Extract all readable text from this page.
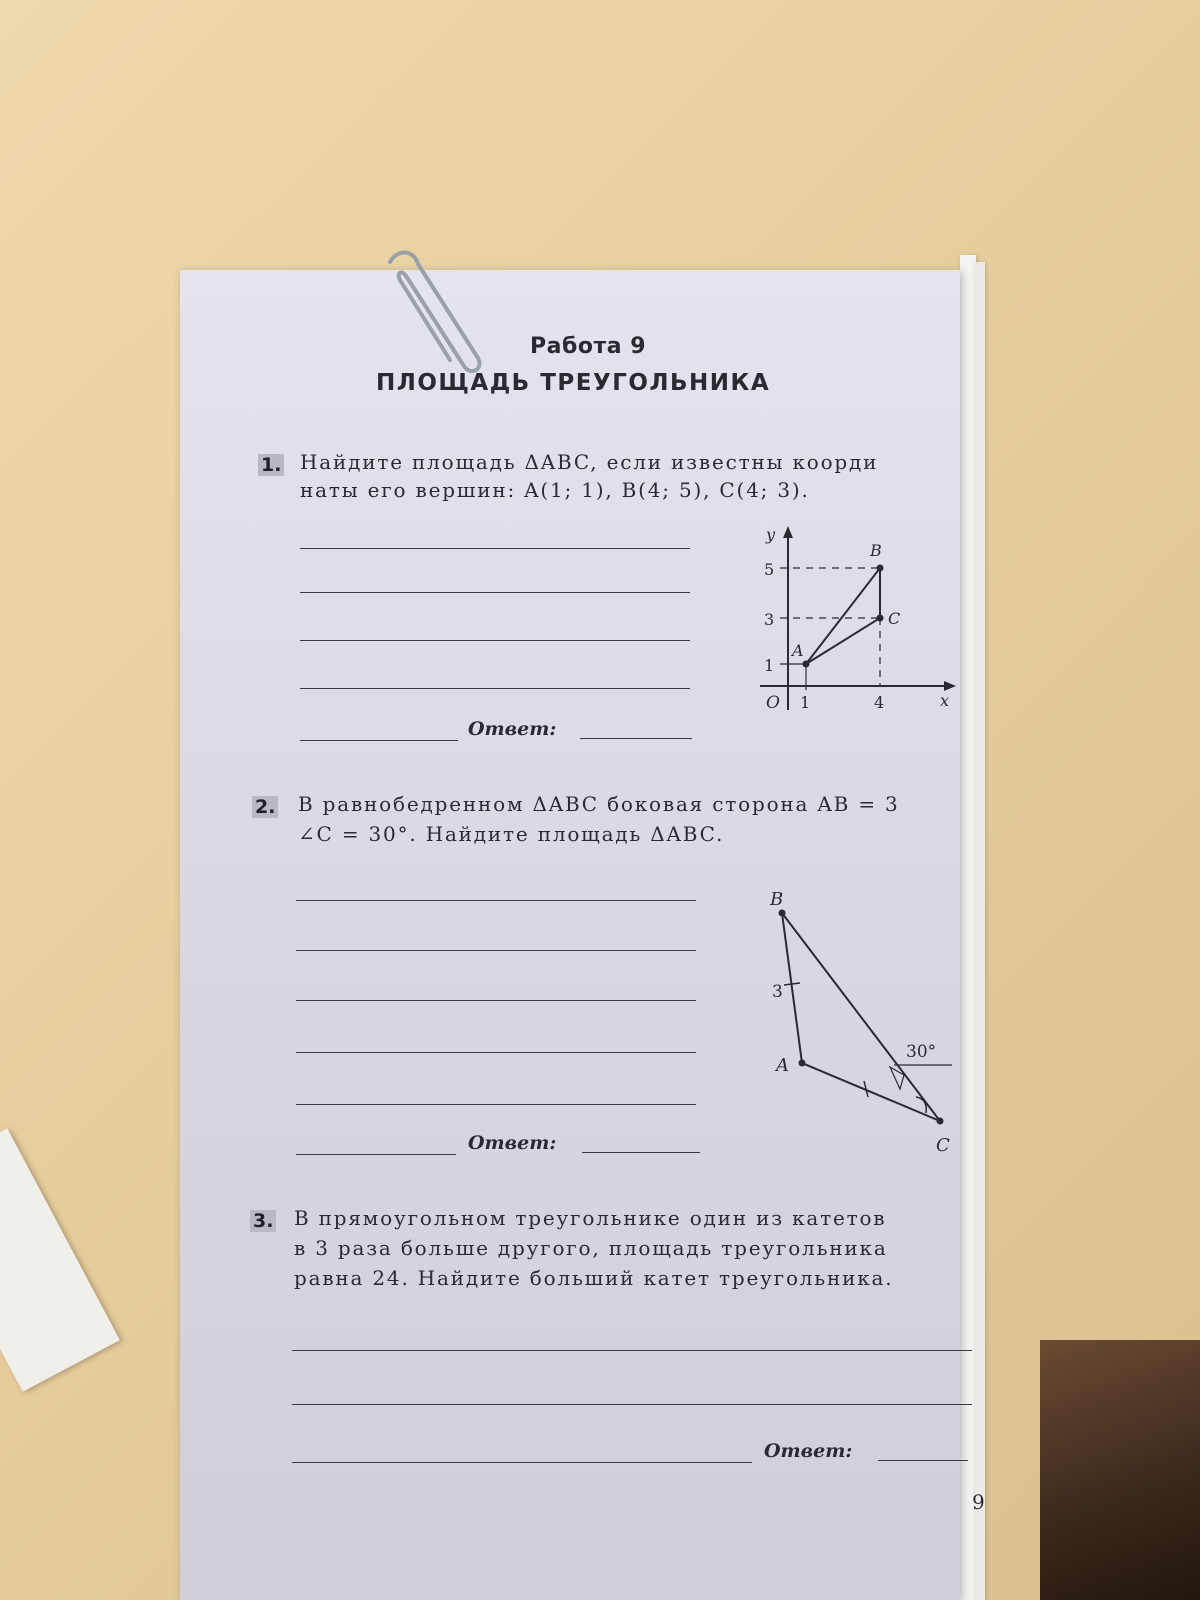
Работа 9
ПЛОЩАДЬ ТРЕУГОЛЬНИКА
1. Найдите площадь ΔABC, если известны коорди
наты его вершин: A(1; 1), B(4; 5), C(4; 3).
Ответ:
y
x
O
5
3
1
1	4
A
B
C
2. В равнобедренном ΔABC боковая сторона AB = 3
∠C = 30°. Найдите площадь ΔABC.
Ответ:
B
A
C
3
30°
3. В прямоугольном треугольнике один из катетов
в 3 раза больше другого, площадь треугольника
равна 24. Найдите больший катет треугольника.
Ответ:
9
